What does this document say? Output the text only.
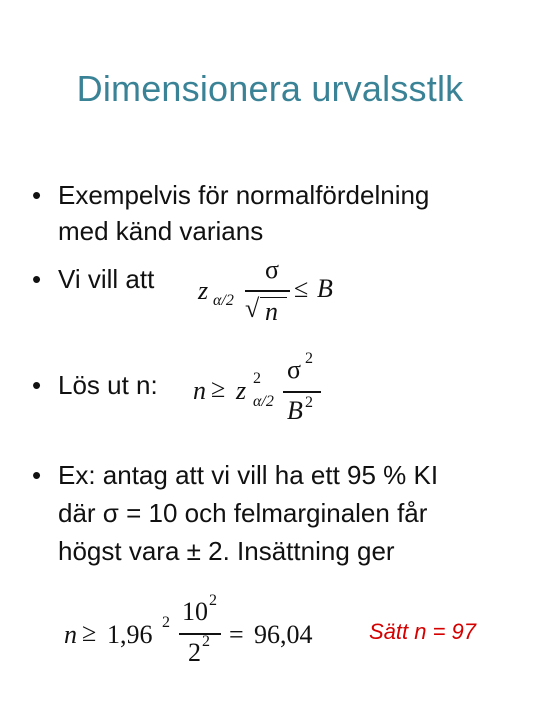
Dimensionera urvalsstlk
• Exempelvis för normalfördelning
med känd varians
• Vi vill att z α/2
σ
√ n
≤ B
• Lös ut n: n ≥ z 2
α/2
σ 2
B 2
• Ex: antag att vi vill ha ett 95 % KI
där σ = 10 och felmarginalen får
högst vara ± 2. Insättning ger
n ≥ 1,96 2 10 2
2 2 = 96,04	Sätt n = 97
